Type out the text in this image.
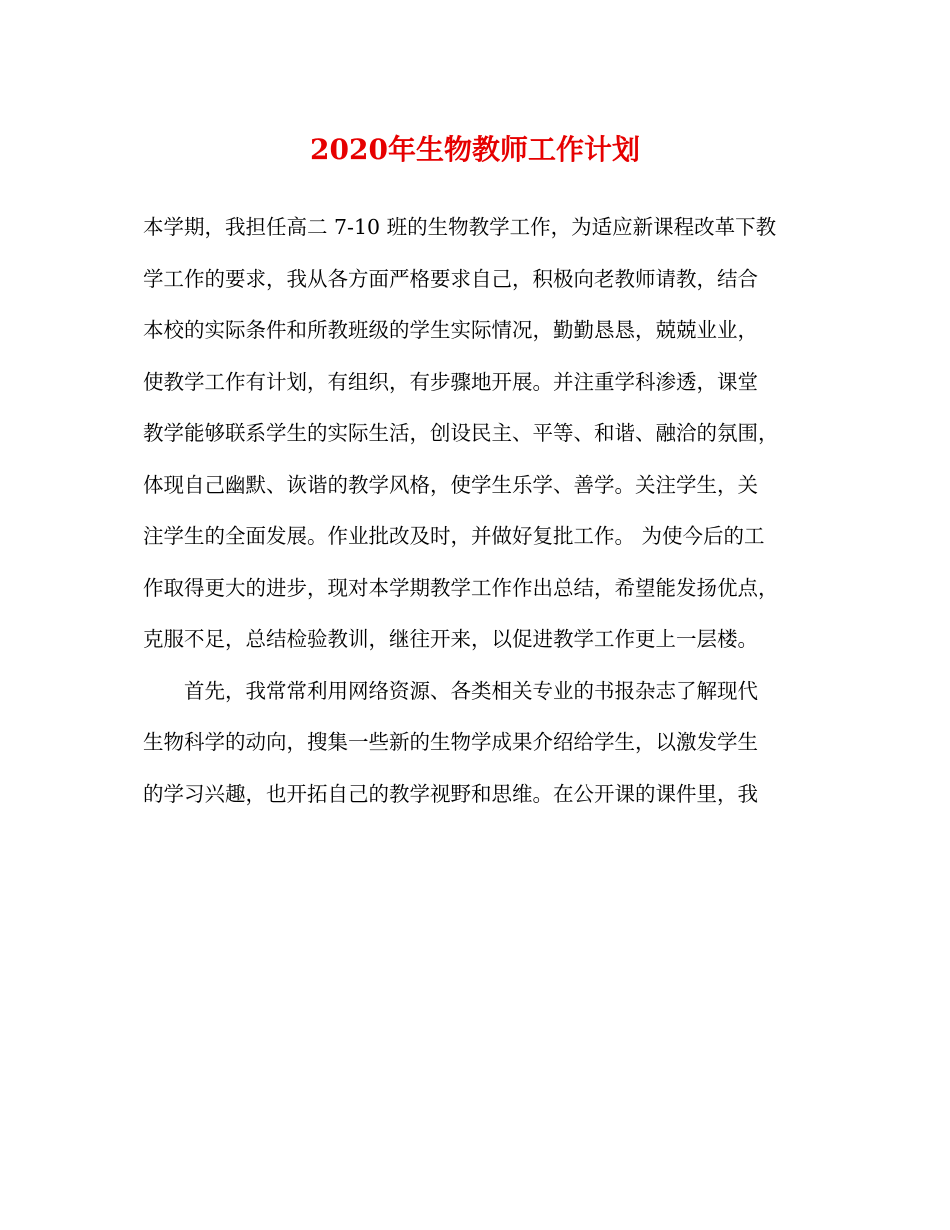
2020年生物教师工作计划
本学期，我担任高二 7-10 班的生物教学工作，为适应新课程改革下教
学工作的要求，我从各方面严格要求自己，积极向老教师请教，结合
本校的实际条件和所教班级的学生实际情况，勤勤恳恳，兢兢业业，
使教学工作有计划，有组织，有步骤地开展。并注重学科渗透，课堂
教学能够联系学生的实际生活，创设民主、平等、和谐、融洽的氛围，
体现自己幽默、诙谐的教学风格，使学生乐学、善学。关注学生，关
注学生的全面发展。作业批改及时，并做好复批工作。 为使今后的工
作取得更大的进步，现对本学期教学工作作出总结，希望能发扬优点，
克服不足，总结检验教训，继往开来，以促进教学工作更上一层楼。
　　首先，我常常利用网络资源、各类相关专业的书报杂志了解现代
生物科学的动向，搜集一些新的生物学成果介绍给学生，以激发学生
的学习兴趣，也开拓自己的教学视野和思维。在公开课的课件里，我
